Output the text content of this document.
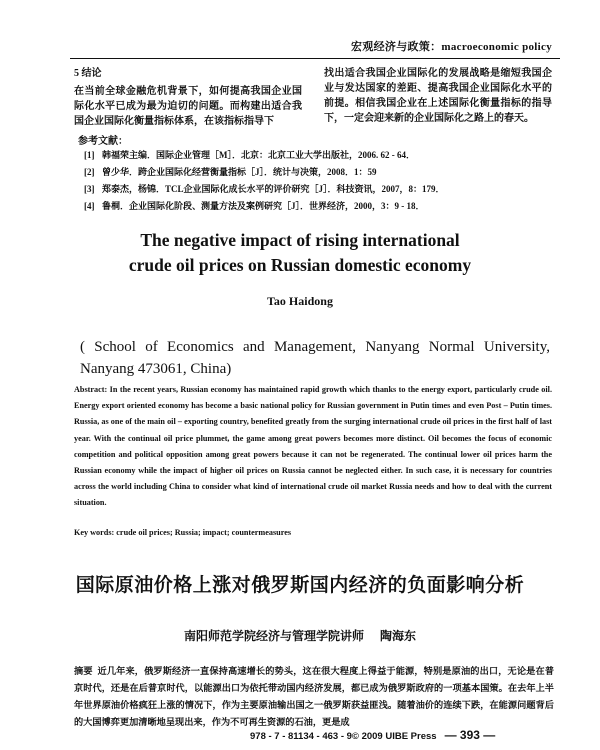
宏观经济与政策：macroeconomic policy
5 结论
在当前全球金融危机背景下，如何提高我国企业国际化水平已成为最为迫切的问题。而构建出适合我国企业国际化衡量指标体系，在该指标指导下
找出适合我国企业国际化的发展战略是缩短我国企业与发达国家的差距、提高我国企业国际化水平的前提。相信我国企业在上述国际化衡量指标的指导下，一定会迎来新的企业国际化之路上的春天。
参考文献：
[1] 韩福荣主编．国际企业管理［M］．北京：北京工业大学出版社，2006. 62 - 64．
[2] 曾少华．跨企业国际化经营衡量指标［J］．统计与决策，2008．1：59
[3] 郑泰杰，杨锦．TCL企业国际化成长水平的评价研究［J］．科技资讯，2007，8：179．
[4] 鲁桐．企业国际化阶段、测量方法及案例研究［J］．世界经济，2000，3：9 - 18．
The negative impact of rising international
crude oil prices on Russian domestic economy
Tao Haidong
( School of Economics and Management, Nanyang Normal University, Nanyang 473061, China)
Abstract: In the recent years, Russian economy has maintained rapid growth which thanks to the energy export, particularly crude oil. Energy export oriented economy has become a basic national policy for Russian government in Putin times and even Post – Putin times. Russia, as one of the main oil – exporting country, benefited greatly from the surging international crude oil prices in the first half of last year. With the continual oil price plummet, the game among great powers becomes more distinct. Oil becomes the focus of economic competition and political opposition among great powers because it can not be regenerated. The continual lower oil prices harm the Russian economy while the impact of higher oil prices on Russia cannot be neglected either. In such case, it is necessary for countries across the world including China to consider what kind of international crude oil market Russia needs and how to deal with the current situation.
Key words: crude oil prices; Russia; impact; countermeasures
国际原油价格上涨对俄罗斯国内经济的负面影响分析
南阳师范学院经济与管理学院讲师 陶海东
摘要 近几年来，俄罗斯经济一直保持高速增长的势头，这在很大程度上得益于能源，特别是原油的出口，无论是在普京时代，还是在后普京时代，以能源出口为依托带动国内经济发展，都已成为俄罗斯政府的一项基本国策。在去年上半年世界原油价格疯狂上涨的情况下，作为主要原油输出国之一俄罗斯获益匪浅。随着油价的连续下跌，在能源问题背后的大国博弈更加清晰地呈现出来，作为不可再生资源的石油，更是成
978 - 7 - 81134 - 463 - 9© 2009 UIBE Press — 393 —
